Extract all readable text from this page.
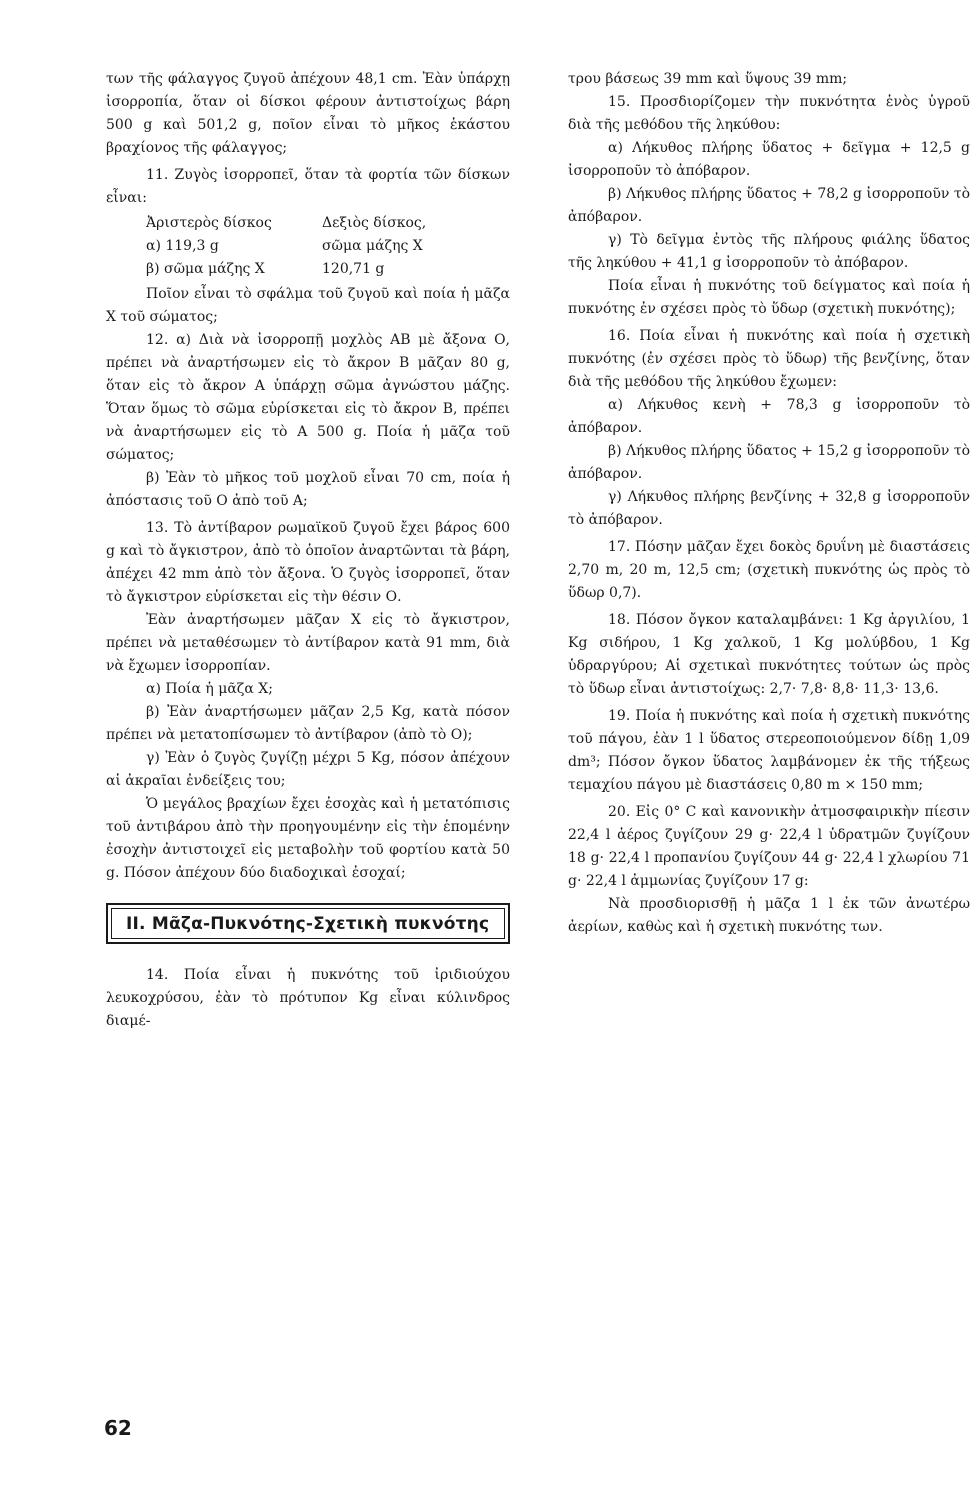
των τῆς φάλαγγος ζυγοῦ ἀπέχουν 48,1 cm. Ἐὰν ὑπάρχῃ ἰσορροπία, ὅταν οἱ δίσκοι φέρουν ἀντιστοίχως βάρη 500 g καὶ 501,2 g, ποῖον εἶναι τὸ μῆκος ἑκάστου βραχίονος τῆς φάλαγγος;

11. Ζυγὸς ἰσορροπεῖ, ὅταν τὰ φορτία τῶν δίσκων εἶναι:

Ἀριστερὸς δίσκος	Δεξιὸς δίσκος,
α) 119,3 g	σῶμα μάζης X
β) σῶμα μάζης X	120,71 g

Ποῖον εἶναι τὸ σφάλμα τοῦ ζυγοῦ καὶ ποία ἡ μᾶζα X τοῦ σώματος;

12. α) Διὰ νὰ ἰσορροπῇ μοχλὸς ΑΒ μὲ ἄξονα Ο, πρέπει νὰ ἀναρτήσωμεν εἰς τὸ ἄκρον Β μᾶζαν 80 g, ὅταν εἰς τὸ ἄκρον Α ὑπάρχῃ σῶμα ἀγνώστου μάζης. Ὅταν ὅμως τὸ σῶμα εὑρίσκεται εἰς τὸ ἄκρον Β, πρέπει νὰ ἀναρτήσωμεν εἰς τὸ Α 500 g. Ποία ἡ μᾶζα τοῦ σώματος;

β) Ἐὰν τὸ μῆκος τοῦ μοχλοῦ εἶναι 70 cm, ποία ἡ ἀπόστασις τοῦ Ο ἀπὸ τοῦ Α;

13. Τὸ ἀντίβαρον ρωμαϊκοῦ ζυγοῦ ἔχει βάρος 600 g καὶ τὸ ἄγκιστρον, ἀπὸ τὸ ὁποῖον ἀναρτῶνται τὰ βάρη, ἀπέχει 42 mm ἀπὸ τὸν ἄξονα. Ὁ ζυγὸς ἰσορροπεῖ, ὅταν τὸ ἄγκιστρον εὑρίσκεται εἰς τὴν θέσιν Ο.

Ἐὰν ἀναρτήσωμεν μᾶζαν X εἰς τὸ ἄγκιστρον, πρέπει νὰ μεταθέσωμεν τὸ ἀντίβαρον κατὰ 91 mm, διὰ νὰ ἔχωμεν ἰσορροπίαν.

α) Ποία ἡ μᾶζα X;

β) Ἐὰν ἀναρτήσωμεν μᾶζαν 2,5 Kg, κατὰ πόσον πρέπει νὰ μετατοπίσωμεν τὸ ἀντίβαρον (ἀπὸ τὸ Ο);

γ) Ἐὰν ὁ ζυγὸς ζυγίζῃ μέχρι 5 Kg, πόσον ἀπέχουν αἱ ἀκραῖαι ἐνδείξεις του;

Ὁ μεγάλος βραχίων ἔχει ἐσοχὰς καὶ ἡ μετατόπισις τοῦ ἀντιβάρου ἀπὸ τὴν προηγουμένην εἰς τὴν ἑπομένην ἐσοχὴν ἀντιστοιχεῖ εἰς μεταβολὴν τοῦ φορτίου κατὰ 50 g. Πόσον ἀπέχουν δύο διαδοχικαὶ ἐσοχαί;

II. Μᾶζα-Πυκνότης-Σχετικὴ πυκνότης

14. Ποία εἶναι ἡ πυκνότης τοῦ ἰριδιούχου λευκοχρύσου, ἐὰν τὸ πρότυπον Kg εἶναι κύλινδρος διαμέ-

τρου βάσεως 39 mm καὶ ὕψους 39 mm;

15. Προσδιορίζομεν τὴν πυκνότητα ἑνὸς ὑγροῦ διὰ τῆς μεθόδου τῆς ληκύθου:

α) Λήκυθος πλήρης ὕδατος + δεῖγμα + 12,5 g ἰσορροποῦν τὸ ἀπόβαρον.

β) Λήκυθος πλήρης ὕδατος + 78,2 g ἰσορροποῦν τὸ ἀπόβαρον.

γ) Τὸ δεῖγμα ἐντὸς τῆς πλήρους φιάλης ὕδατος τῆς ληκύθου + 41,1 g ἰσορροποῦν τὸ ἀπόβαρον.

Ποία εἶναι ἡ πυκνότης τοῦ δείγματος καὶ ποία ἡ πυκνότης ἐν σχέσει πρὸς τὸ ὕδωρ (σχετικὴ πυκνότης);

16. Ποία εἶναι ἡ πυκνότης καὶ ποία ἡ σχετικὴ πυκνότης (ἐν σχέσει πρὸς τὸ ὕδωρ) τῆς βενζίνης, ὅταν διὰ τῆς μεθόδου τῆς ληκύθου ἔχωμεν:

α) Λήκυθος κενὴ + 78,3 g ἰσορροποῦν τὸ ἀπόβαρον.

β) Λήκυθος πλήρης ὕδατος + 15,2 g ἰσορροποῦν τὸ ἀπόβαρον.

γ) Λήκυθος πλήρης βενζίνης + 32,8 g ἰσορροποῦν τὸ ἀπόβαρον.

17. Πόσην μᾶζαν ἔχει δοκὸς δρυΐνη μὲ διαστάσεις 2,70 m, 20 m, 12,5 cm; (σχετικὴ πυκνότης ὡς πρὸς τὸ ὕδωρ 0,7).

18. Πόσον ὄγκον καταλαμβάνει: 1 Kg ἀργιλίου, 1 Kg σιδήρου, 1 Kg χαλκοῦ, 1 Kg μολύβδου, 1 Kg ὑδραργύρου; Αἱ σχετικαὶ πυκνότητες τούτων ὡς πρὸς τὸ ὕδωρ εἶναι ἀντιστοίχως: 2,7· 7,8· 8,8· 11,3· 13,6.

19. Ποία ἡ πυκνότης καὶ ποία ἡ σχετικὴ πυκνότης τοῦ πάγου, ἐὰν 1 l ὕδατος στερεοποιούμενον δίδῃ 1,09 dm³; Πόσον ὄγκον ὕδατος λαμβάνομεν ἐκ τῆς τήξεως τεμαχίου πάγου μὲ διαστάσεις 0,80 m × 150 mm;

20. Εἰς 0° C καὶ κανονικὴν ἀτμοσφαιρικὴν πίεσιν 22,4 l ἀέρος ζυγίζουν 29 g· 22,4 l ὑδρατμῶν ζυγίζουν 18 g· 22,4 l προπανίου ζυγίζουν 44 g· 22,4 l χλωρίου 71 g· 22,4 l ἀμμωνίας ζυγίζουν 17 g:

Νὰ προσδιορισθῇ ἡ μᾶζα 1 l ἐκ τῶν ἀνωτέρω ἀερίων, καθὼς καὶ ἡ σχετικὴ πυκνότης των.

62
